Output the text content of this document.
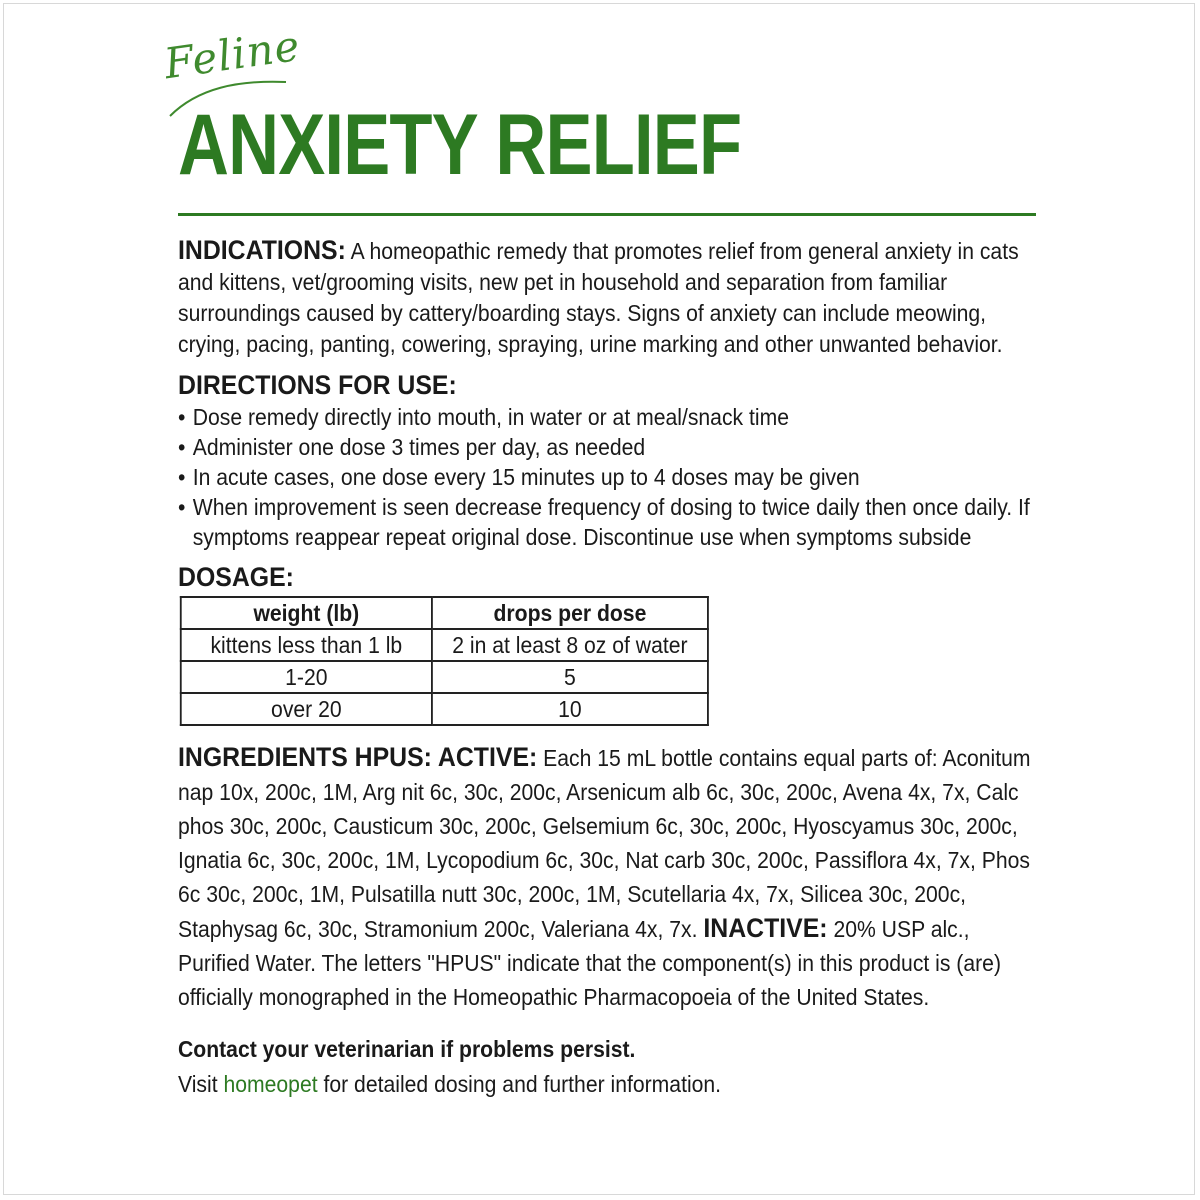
Feline
ANXIETY RELIEF

INDICATIONS: A homeopathic remedy that promotes relief from general anxiety in cats and kittens, vet/grooming visits, new pet in household and separation from familiar surroundings caused by cattery/boarding stays. Signs of anxiety can include meowing, crying, pacing, panting, cowering, spraying, urine marking and other unwanted behavior.

DIRECTIONS FOR USE:
• Dose remedy directly into mouth, in water or at meal/snack time
• Administer one dose 3 times per day, as needed
• In acute cases, one dose every 15 minutes up to 4 doses may be given
• When improvement is seen decrease frequency of dosing to twice daily then once daily. If symptoms reappear repeat original dose. Discontinue use when symptoms subside
DOSAGE:
weight (lb)	drops per dose
kittens less than 1 lb	2 in at least 8 oz of water
1-20	5
over 20	10

INGREDIENTS HPUS: ACTIVE: Each 15 mL bottle contains equal parts of: Aconitum nap 10x, 200c, 1M, Arg nit 6c, 30c, 200c, Arsenicum alb 6c, 30c, 200c, Avena 4x, 7x, Calc phos 30c, 200c, Causticum 30c, 200c, Gelsemium 6c, 30c, 200c, Hyoscyamus 30c, 200c, Ignatia 6c, 30c, 200c, 1M, Lycopodium 6c, 30c, Nat carb 30c, 200c, Passiflora 4x, 7x, Phos 6c 30c, 200c, 1M, Pulsatilla nutt 30c, 200c, 1M, Scutellaria 4x, 7x, Silicea 30c, 200c, Staphysag 6c, 30c, Stramonium 200c, Valeriana 4x, 7x. INACTIVE: 20% USP alc., Purified Water. The letters "HPUS" indicate that the component(s) in this product is (are) officially monographed in the Homeopathic Pharmacopoeia of the United States.

Contact your veterinarian if problems persist.

Visit homeopet for detailed dosing and further information.
